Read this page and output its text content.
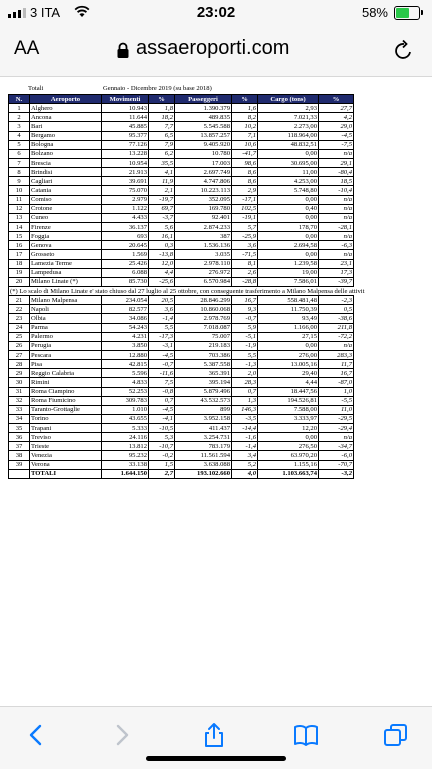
3 ITA	23:02	58%
AA	assaeroporti.com
Totali	Gennaio - Dicembre 2019 (su base 2018)
N.	Aeroporto	Movimenti	%	Passeggeri	%	Cargo (tons)	%
1	Alghero	10.943	1,8	1.390.379	1,6	2,93	27,7
2	Ancona	11.644	18,2	489.835	8,2	7.021,33	4,2
3	Bari	45.885	7,7	5.545.588	10,2	2.273,00	29,0
4	Bergamo	95.377	6,5	13.857.257	7,1	118.964,00	-4,5
5	Bologna	77.126	7,9	9.405.920	10,6	48.832,51	-7,5
6	Bolzano	13.228	6,2	10.780	-41,7	0,00	n/a
7	Brescia	10.954	35,5	17.003	98,6	30.695,00	29,1
8	Brindisi	21.913	4,1	2.697.749	8,6	11,00	-80,4
9	Cagliari	39.691	11,9	4.747.806	8,6	4.253,00	18,5
10	Catania	75.070	2,1	10.223.113	2,9	5.748,80	-10,4
11	Comiso	2.979	-19,7	352.095	-17,1	0,00	n/a
12	Crotone	1.122	69,7	169.780	102,5	0,40	n/a
13	Cuneo	4.433	-3,7	92.401	-19,1	0,00	n/a
14	Firenze	36.137	5,6	2.874.233	5,7	178,70	-28,1
15	Foggia	693	16,1	387	-25,9	0,00	n/a
16	Genova	20.645	0,3	1.536.136	3,6	2.694,58	-6,3
17	Grosseto	1.569	-13,8	3.035	-71,5	0,00	n/a
18	Lamezia Terme	25.426	12,0	2.978.110	8,1	1.239,58	23,1
19	Lampedusa	6.088	4,4	276.972	2,6	19,00	17,3
20	Milano Linate (*)	85.730	-25,6	6.570.984	-28,8	7.586,01	-39,7
(*) Lo scalo di Milano Linate e' stato chiuso dal 27 luglio al 25 ottobre, con conseguente trasferimento a Milano Malpensa delle attivit							
21	Milano Malpensa	234.054	20,5	28.846.299	16,7	558.481,48	-2,3
22	Napoli	82.577	3,6	10.860.068	9,3	11.750,39	0,5
23	Olbia	34.086	-1,4	2.978.769	-0,7	93,49	-38,6
24	Parma	54.243	5,5	7.018.087	5,9	1.166,00	211,8
25	Palermo	4.231	-17,3	75.007	-5,1	27,15	-72,2
26	Perugia	3.850	-3,1	219.183	-1,9	0,00	n/a
27	Pescara	12.880	-4,5	703.386	5,5	276,00	283,3
28	Pisa	42.815	-0,7	5.387.558	-1,3	13.005,16	11,7
29	Reggio Calabria	5.596	-11,6	365.391	2,0	29,40	16,7
30	Rimini	4.833	7,5	395.194	28,3	4,44	-87,0
31	Roma Ciampino	52.253	-0,8	5.879.496	0,7	18.447,56	1,0
32	Roma Fiumicino	309.783	0,7	43.532.573	1,3	194.526,81	-5,5
33	Taranto-Grottaglie	1.010	-4,5	899	146,3	7.588,00	11,0
34	Torino	43.655	-4,1	3.952.158	-3,5	3.333,97	-29,5
35	Trapani	5.333	-10,5	411.437	-14,4	12,20	-29,4
36	Treviso	24.116	5,3	3.254.731	-1,6	0,00	n/a
37	Trieste	13.812	-10,7	783.179	-1,4	276,50	-34,7
38	Venezia	95.232	-0,2	11.561.594	3,4	63.970,20	-6,0
39	Verona	33.138	1,5	3.638.088	5,2	1.155,16	-70,7
	TOTALI	1.644.150	2,7	193.102.660	4,0	1.103.663,74	-3,2
